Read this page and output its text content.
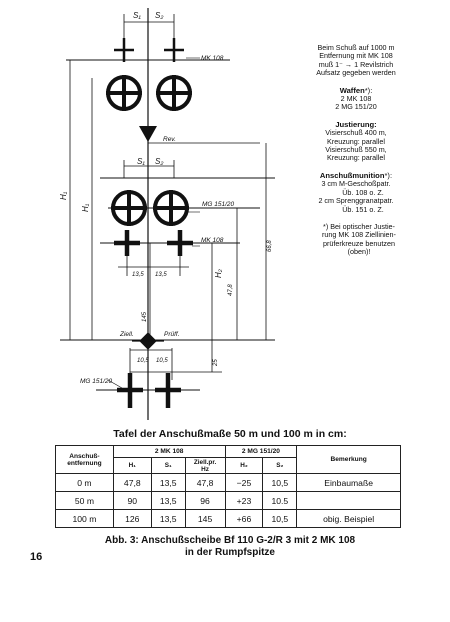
S₁ S₂
MK 108
Rev.
S₁ S₂
MG 151/20
MK 108
13,5 13,5
H₁
H₁
145
47,8
H₂
66,8
Ziell.	Prüff.
10,5 10,5
MG 151/20
25
Beim Schuß auf 1000 m
Entfernung mit MK 108
muß 1⁻ → 1 Revilstrich
Aufsatz gegeben werden
Waffen*):
2 MK 108
2 MG 151/20
Justierung:
Visierschuß 400 m,
Kreuzung: parallel
Visierschuß 550 m,
Kreuzung: parallel
Anschußmunition*):
3 cm M-Geschoßpatr.
Üb. 108 o. Z.
2 cm Sprenggranatpatr.
Üb. 151 o. Z.
*) Bei optischer Justie-
rung MK 108 Ziellinien-
prüferkreuze benutzen
(oben)!
Tafel der Anschußmaße 50 m und 100 m in cm:
Anschuß-
entfernung	2 MK 108			2 MG 151/20		Bemerkung
	H₁	S₁	Ziell.pr.
Hz	H₂	S₂	
0 m	47,8	13,5	47,8	−25	10,5	Einbaumaße
50 m	90	13,5	96	+23	10.5	
100 m	126	13,5	145	+66	10,5	obig. Beispiel
Abb. 3: Anschußscheibe Bf 110 G-2/R 3 mit 2 MK 108
in der Rumpfspitze
16
